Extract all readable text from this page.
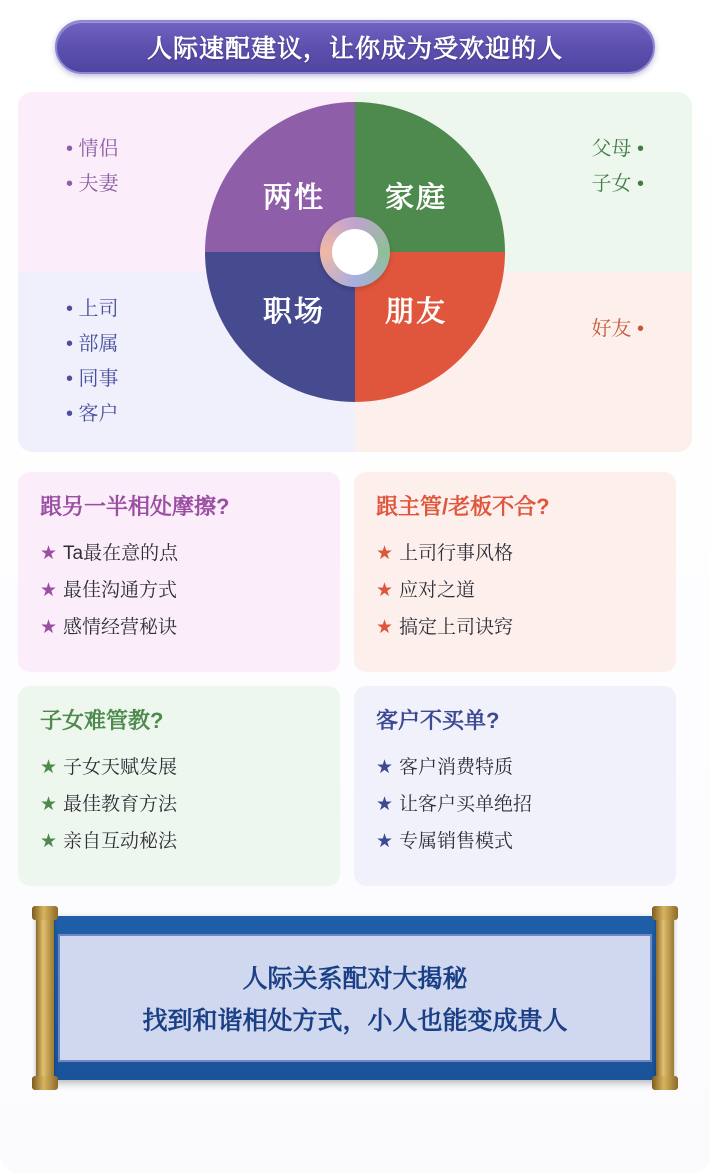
人际速配建议，让你成为受欢迎的人
• 情侣
• 夫妻
• 上司
• 部属
• 同事
• 客户
父母 •
子女 •
好友 •
两性 家庭
职场 朋友
跟另一半相处摩擦?
★ Ta最在意的点
★ 最佳沟通方式
★ 感情经营秘诀
跟主管/老板不合?
★ 上司行事风格
★ 应对之道
★ 搞定上司诀窍
子女难管教?
★ 子女天赋发展
★ 最佳教育方法
★ 亲自互动秘法
客户不买单?
★ 客户消费特质
★ 让客户买单绝招
★ 专属销售模式
人际关系配对大揭秘
找到和谐相处方式，小人也能变成贵人
